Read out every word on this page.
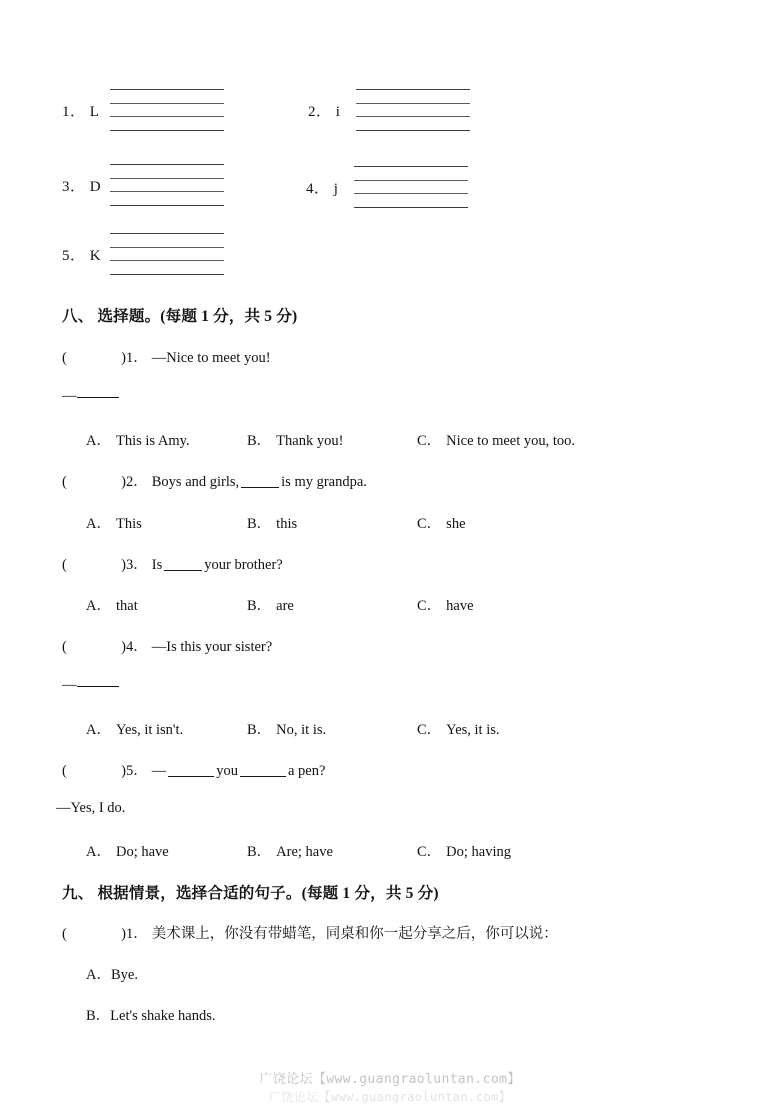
1． L	2． i
3． D	4． j
5． K
八、 选择题。(每题 1 分，共 5 分)
(	) 1． —Nice to meet you!
—
A． This is Amy.	B． Thank you!	C． Nice to meet you, too.
(	) 2． Boys and girls,	is my grandpa.
A． This	B． this	C． she
(	) 3． Is	your brother?
A． that	B． are	C． have
(	) 4． —Is this your sister?
—
A． Yes, it isn't.	B． No, it is.	C． Yes, it is.
(	) 5． —	you	a pen?
—Yes, I do.
A． Do; have	B． Are; have	C． Do; having
九、 根据情景，选择合适的句子。(每题 1 分，共 5 分)
(	) 1． 美术课上，你没有带蜡笔，同桌和你一起分享之后，你可以说：
A．Bye.
B．Let's shake hands.
广饶论坛【www.guangraoluntan.com】
广饶论坛【www.guangraoluntan.com】
